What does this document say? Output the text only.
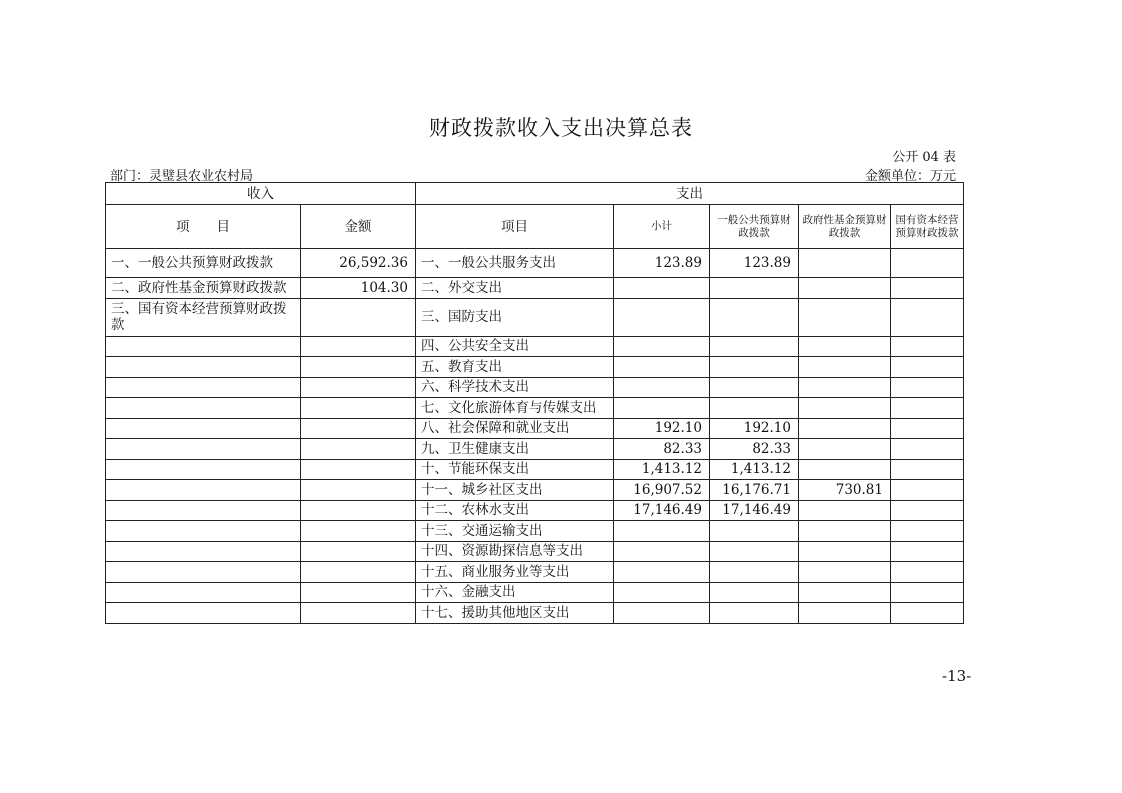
财政拨款收入支出决算总表
公开 04 表
部门：灵璧县农业农村局	金额单位：万元
收入		支出				
项　　目	金额	项目	小计	一般公共预算财政拨款	政府性基金预算财政拨款	国有资本经营预算财政拨款
一、一般公共预算财政拨款	26,592.36	一、一般公共服务支出	123.89	123.89		
二、政府性基金预算财政拨款	104.30	二、外交支出				
三、国有资本经营预算财政拨款		三、国防支出				
		四、公共安全支出				
		五、教育支出				
		六、科学技术支出				
		七、文化旅游体育与传媒支出				
		八、社会保障和就业支出	192.10	192.10		
		九、卫生健康支出	82.33	82.33		
		十、节能环保支出	1,413.12	1,413.12		
		十一、城乡社区支出	16,907.52	16,176.71	730.81	
		十二、农林水支出	17,146.49	17,146.49		
		十三、交通运输支出				
		十四、资源勘探信息等支出				
		十五、商业服务业等支出				
		十六、金融支出				
		十七、援助其他地区支出				
-13-
